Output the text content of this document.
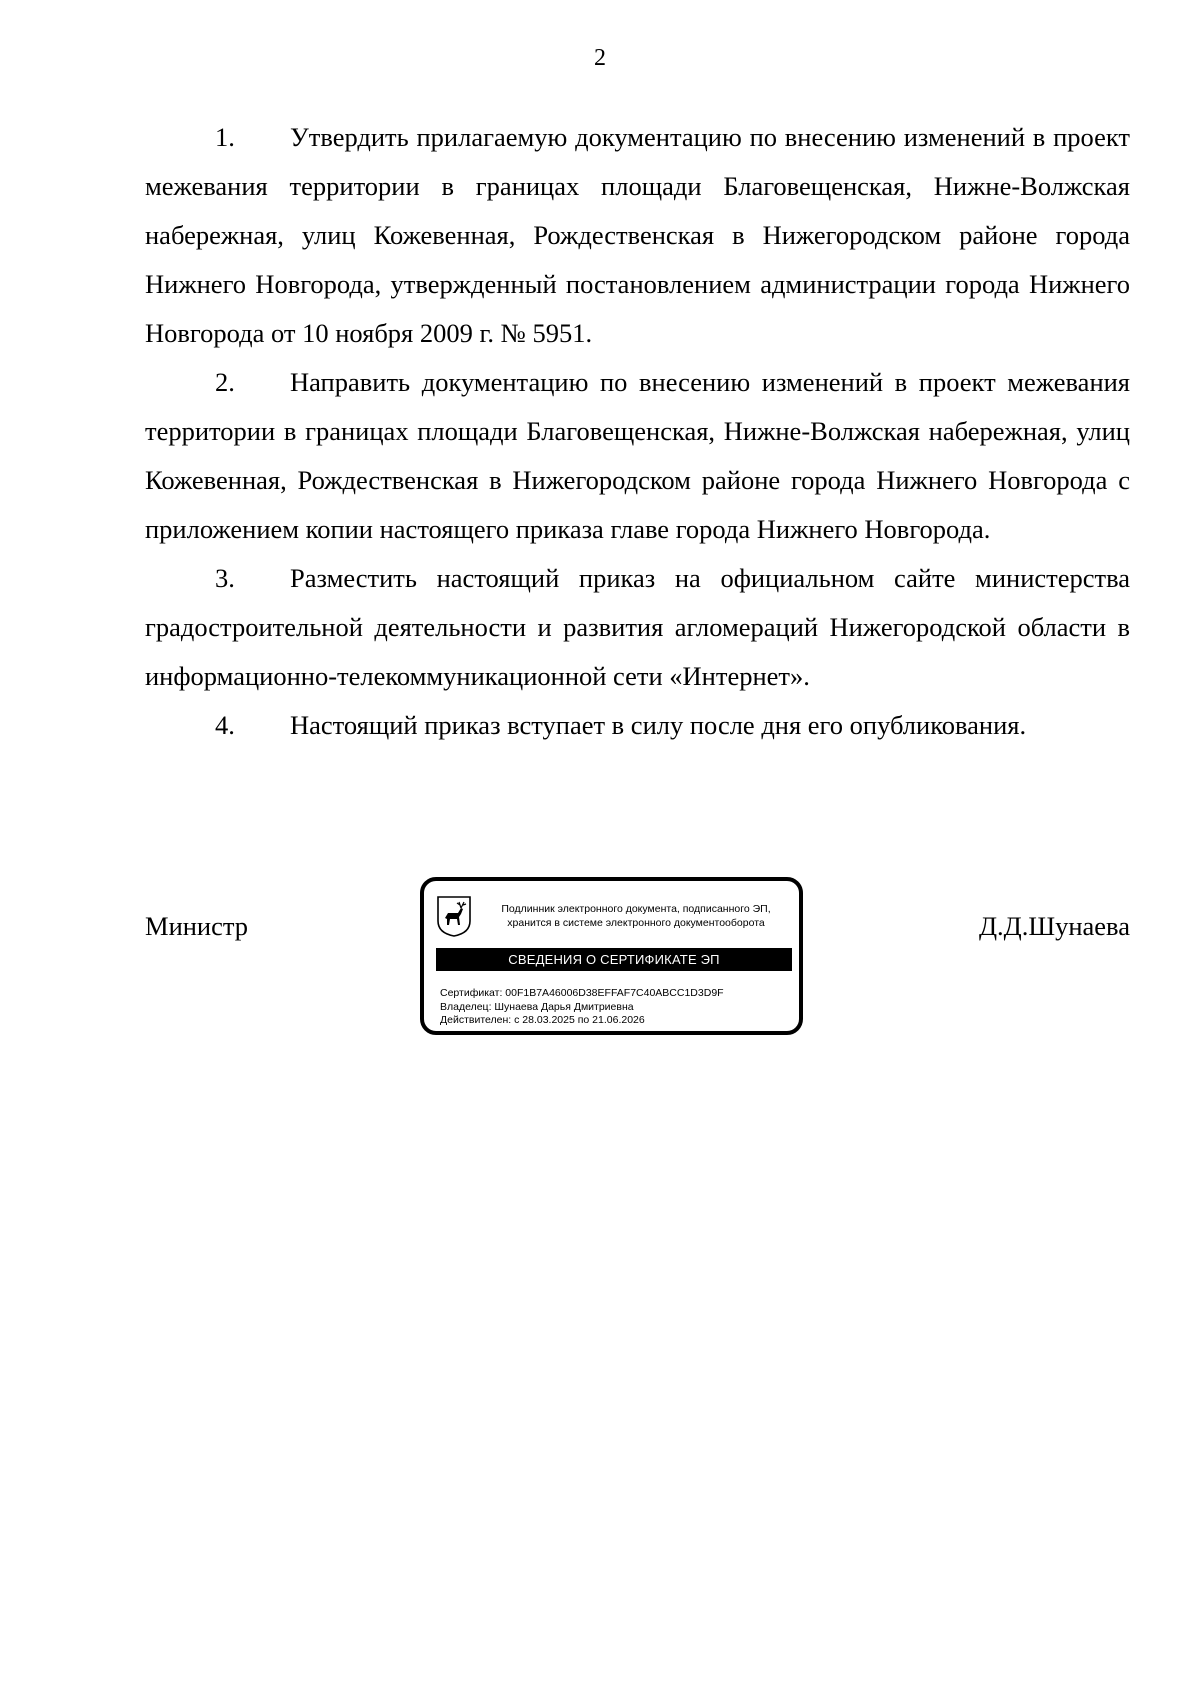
2

1. Утвердить прилагаемую документацию по внесению изменений в проект межевания территории в границах площади Благовещенская, Нижне-Волжская набережная, улиц Кожевенная, Рождественская в Нижегородском районе города Нижнего Новгорода, утвержденный постановлением администрации города Нижнего Новгорода от 10 ноября 2009 г. № 5951.

2. Направить документацию по внесению изменений в проект межевания территории в границах площади Благовещенская, Нижне-Волжская набережная, улиц Кожевенная, Рождественская в Нижегородском районе города Нижнего Новгорода с приложением копии настоящего приказа главе города Нижнего Новгорода.

3. Разместить настоящий приказ на официальном сайте министерства градостроительной деятельности и развития агломераций Нижегородской области в информационно-телекоммуникационной сети «Интернет».

4. Настоящий приказ вступает в силу после дня его опубликования.

Министр	Д.Д.Шунаева
Подлинник электронного документа, подписанного ЭП,
хранится в системе электронного документооборота
СВЕДЕНИЯ О СЕРТИФИКАТЕ ЭП
Сертификат: 00F1B7A46006D38EFFAF7C40ABCC1D3D9F
Владелец: Шунаева Дарья Дмитриевна
Действителен: с 28.03.2025 по 21.06.2026
